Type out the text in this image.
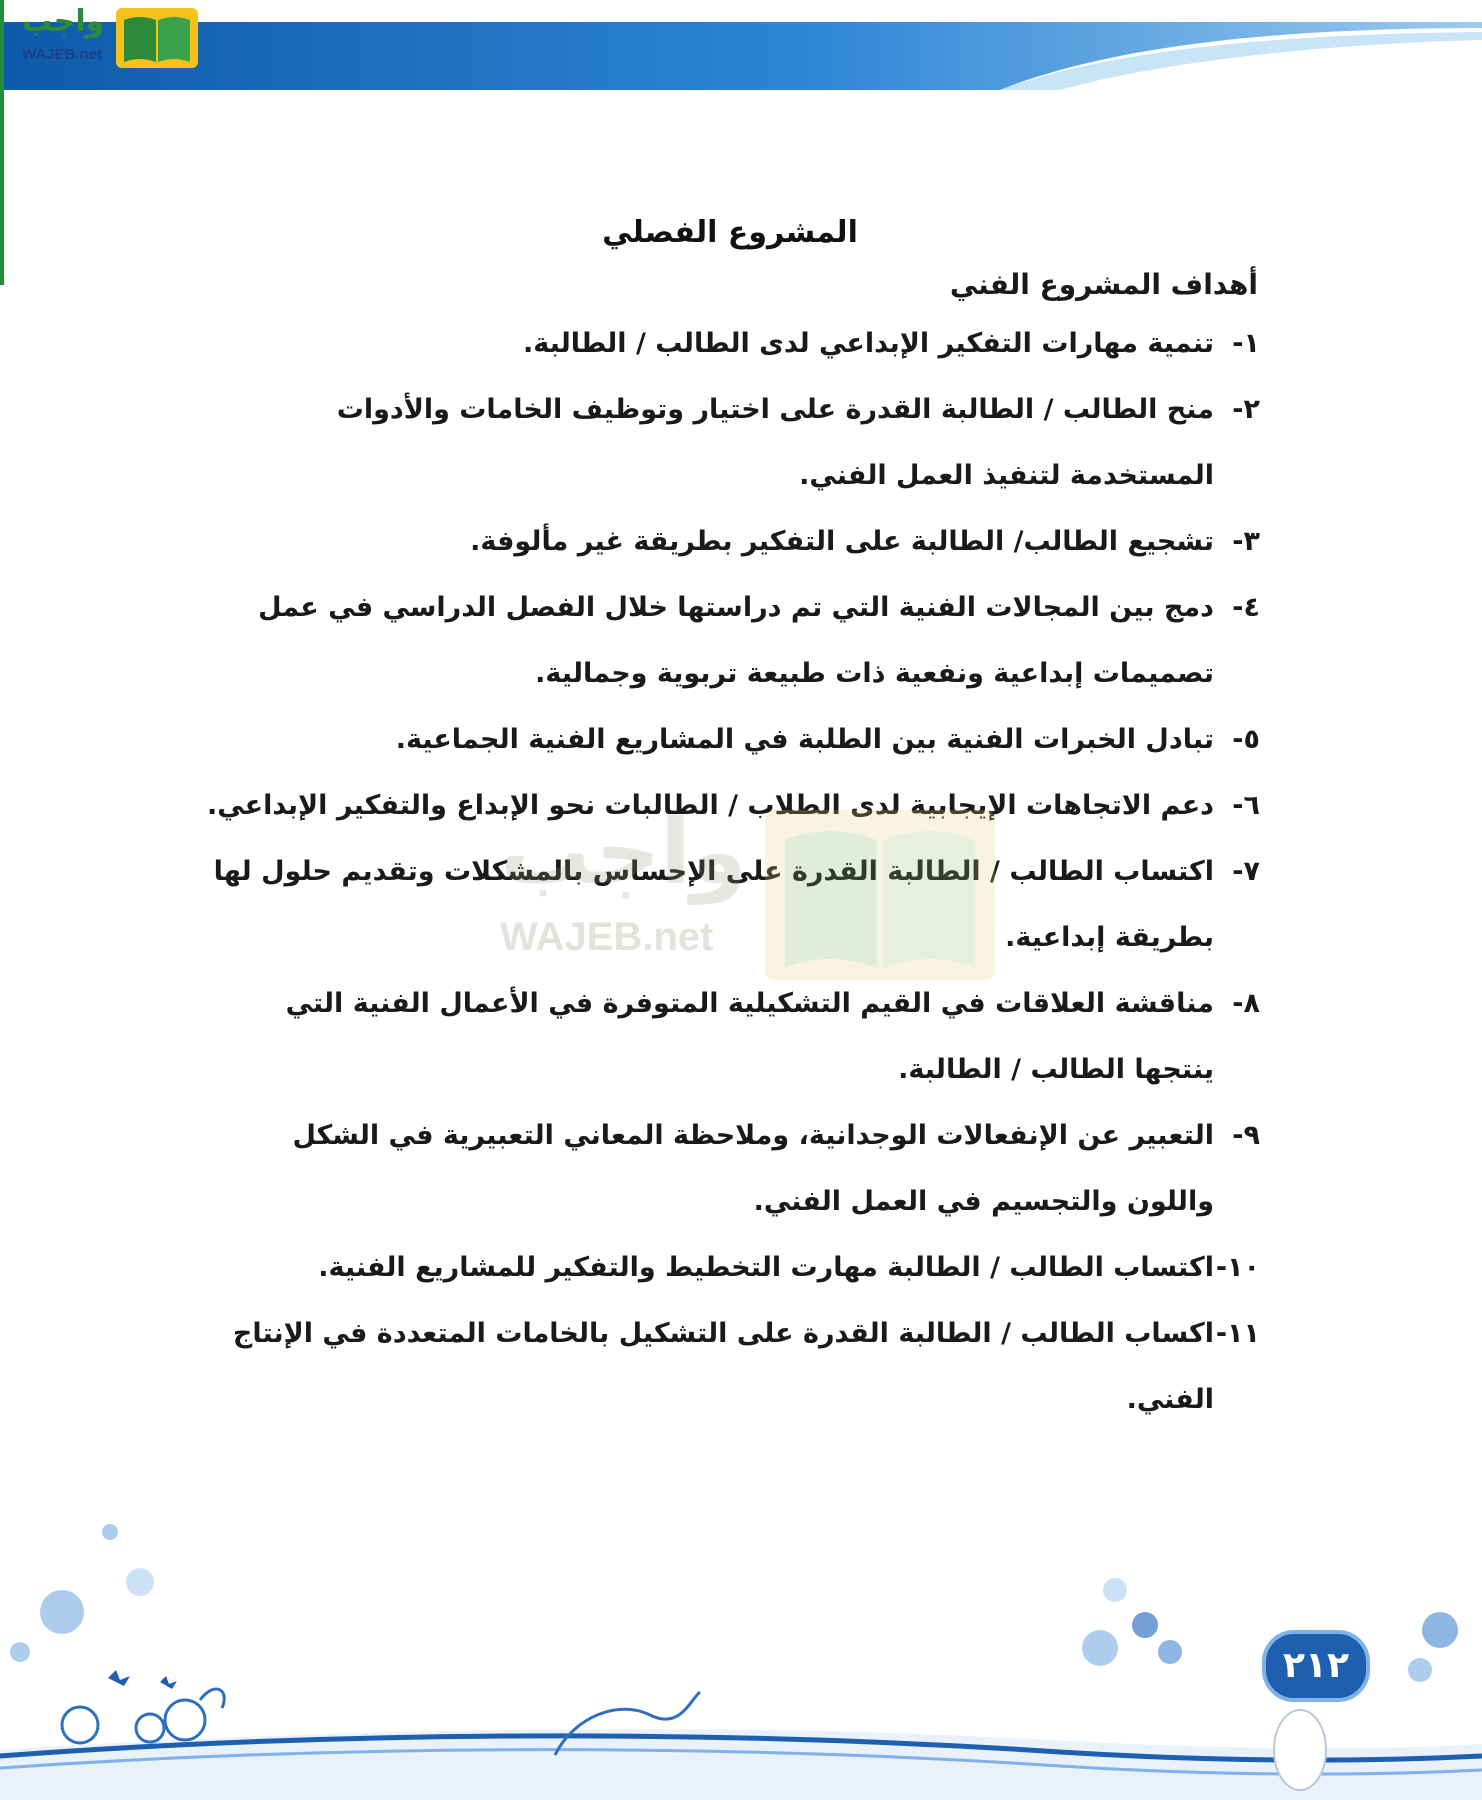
واجب
WAJEB.net
المشروع الفصلي
أهداف المشروع الفني
١-تنمية مهارات التفكير الإبداعي لدى الطالب / الطالبة.
٢-منح الطالب / الطالبة القدرة على اختيار وتوظيف الخامات والأدوات المستخدمة لتنفيذ العمل الفني.
٣-تشجيع الطالب/ الطالبة على التفكير بطريقة غير مألوفة.
٤-دمج بين المجالات الفنية التي تم دراستها خلال الفصل الدراسي في عمل تصميمات إبداعية ونفعية ذات طبيعة تربوية وجمالية.
٥-تبادل الخبرات الفنية بين الطلبة في المشاريع الفنية الجماعية.
٦-دعم الاتجاهات الإيجابية لدى الطلاب / الطالبات نحو الإبداع والتفكير الإبداعي.
٧-اكتساب الطالب / الطالبة القدرة على الإحساس بالمشكلات وتقديم حلول لها بطريقة إبداعية.
٨-مناقشة العلاقات في القيم التشكيلية المتوفرة في الأعمال الفنية التي ينتجها الطالب / الطالبة.
٩-التعبير عن الإنفعالات الوجدانية، وملاحظة المعاني التعبيرية في الشكل واللون والتجسيم في العمل الفني.
١٠-اكتساب الطالب / الطالبة مهارت التخطيط والتفكير للمشاريع الفنية.
١١-اكساب الطالب / الطالبة القدرة على التشكيل بالخامات المتعددة في الإنتاج الفني.
واجب
WAJEB.net
٢١٢
